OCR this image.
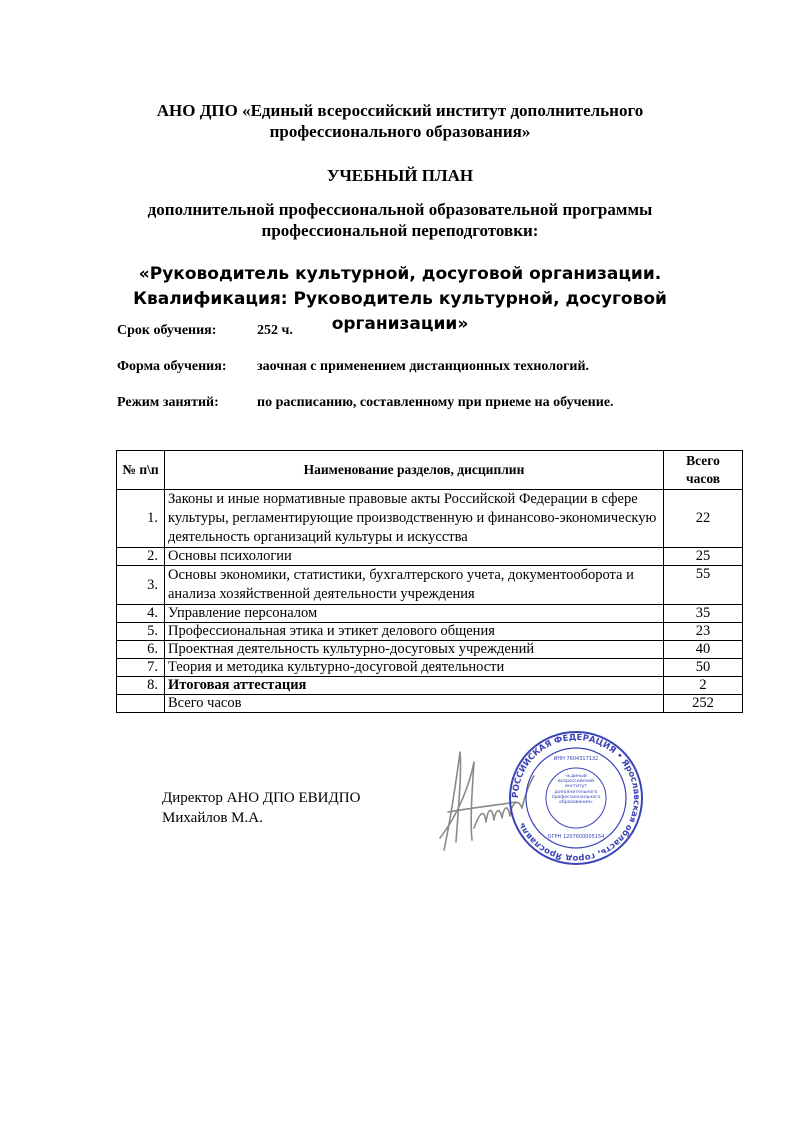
АНО ДПО «Единый всероссийский институт дополнительного профессионального образования»
УЧЕБНЫЙ ПЛАН
дополнительной профессиональной образовательной программы профессиональной переподготовки:
«Руководитель культурной, досуговой организации. Квалификация: Руководитель культурной, досуговой организации»
Срок обучения:	252 ч.
Форма обучения: заочная с применением дистанционных технологий.
Режим занятий:	по расписанию, составленному при приеме на обучение.
№ п\п	Наименование разделов, дисциплин	Всего часов

1.	Законы и иные нормативные правовые акты Российской Федерации в сфере культуры, регламентирующие производственную и финансово-экономическую деятельность организаций культуры и искусства	22
2.	Основы психологии	25
3.	Основы экономики, статистики, бухгалтерского учета, документооборота и анализа хозяйственной деятельности учреждения	55
4.	Управление персоналом	35
5.	Профессиональная этика и этикет делового общения	23
6.	Проектная деятельность культурно-досуговых учреждений	40
7.	Теория и методика культурно-досуговой деятельности	50
8.	Итоговая аттестация	2
	Всего часов	252
Директор АНО ДПО ЕВИДПО
Михайлов М.А.
РОССИЙСКАЯ ФЕДЕРАЦИЯ • Ярославская область, город Ярославль
ИНН 7604317132
«Единый всероссийский институт дополнительного профессионального образования»
ОГРН 1207600005154
